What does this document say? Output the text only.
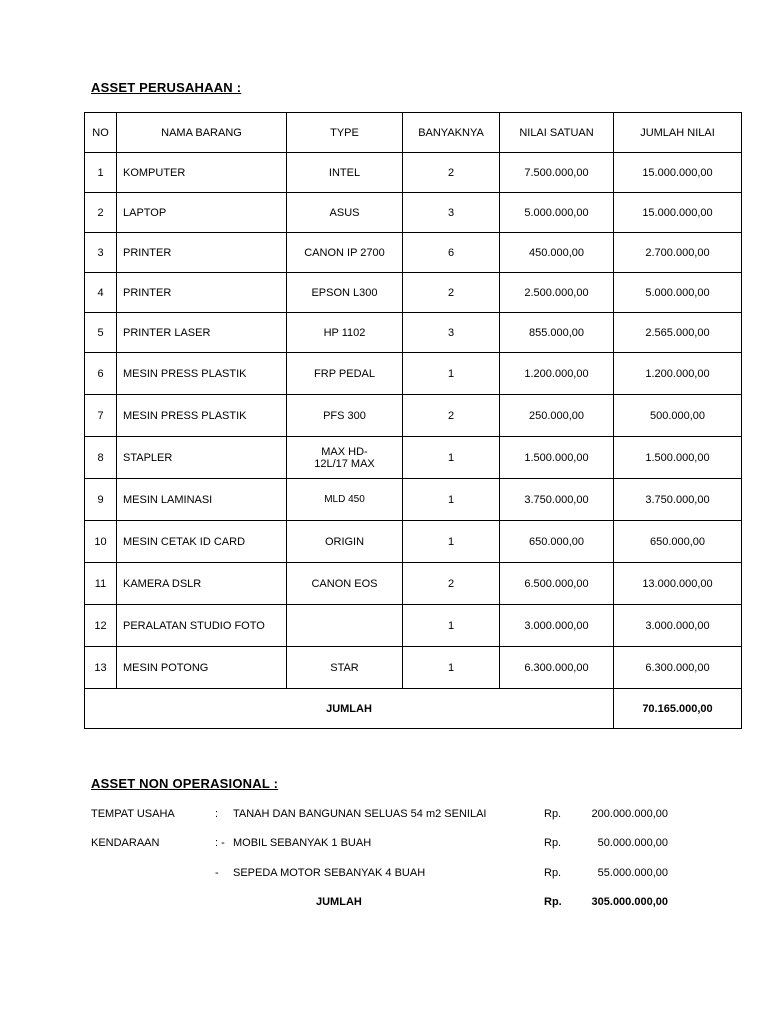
ASSET PERUSAHAAN :
NO	NAMA BARANG	TYPE	BANYAKNYA	NILAI SATUAN	JUMLAH NILAI
1	KOMPUTER	INTEL	2	7.500.000,00	15.000.000,00
2	LAPTOP	ASUS	3	5.000.000,00	15.000.000,00
3	PRINTER	CANON IP 2700	6	450.000,00	2.700.000,00
4	PRINTER	EPSON L300	2	2.500.000,00	5.000.000,00
5	PRINTER LASER	HP 1102	3	855.000,00	2.565.000,00
6	MESIN PRESS PLASTIK	FRP PEDAL	1	1.200.000,00	1.200.000,00
7	MESIN PRESS PLASTIK	PFS 300	2	250.000,00	500.000,00
8	STAPLER	MAX HD-
12L/17 MAX	1	1.500.000,00	1.500.000,00
9	MESIN LAMINASI	MLD 450	1	3.750.000,00	3.750.000,00
10	MESIN CETAK ID CARD	ORIGIN	1	650.000,00	650.000,00
11	KAMERA DSLR	CANON EOS	2	6.500.000,00	13.000.000,00
12	PERALATAN STUDIO FOTO		1	3.000.000,00	3.000.000,00
13	MESIN POTONG	STAR	1	6.300.000,00	6.300.000,00
JUMLAH					70.165.000,00
ASSET NON OPERASIONAL :
TEMPAT USAHA	: TANAH DAN BANGUNAN SELUAS 54 m2 SENILAI	Rp.	200.000.000,00
KENDARAAN	: - MOBIL SEBANYAK 1 BUAH	Rp.	50.000.000,00
- SEPEDA MOTOR SEBANYAK 4 BUAH	Rp.	55.000.000,00
JUMLAH	Rp.	305.000.000,00
